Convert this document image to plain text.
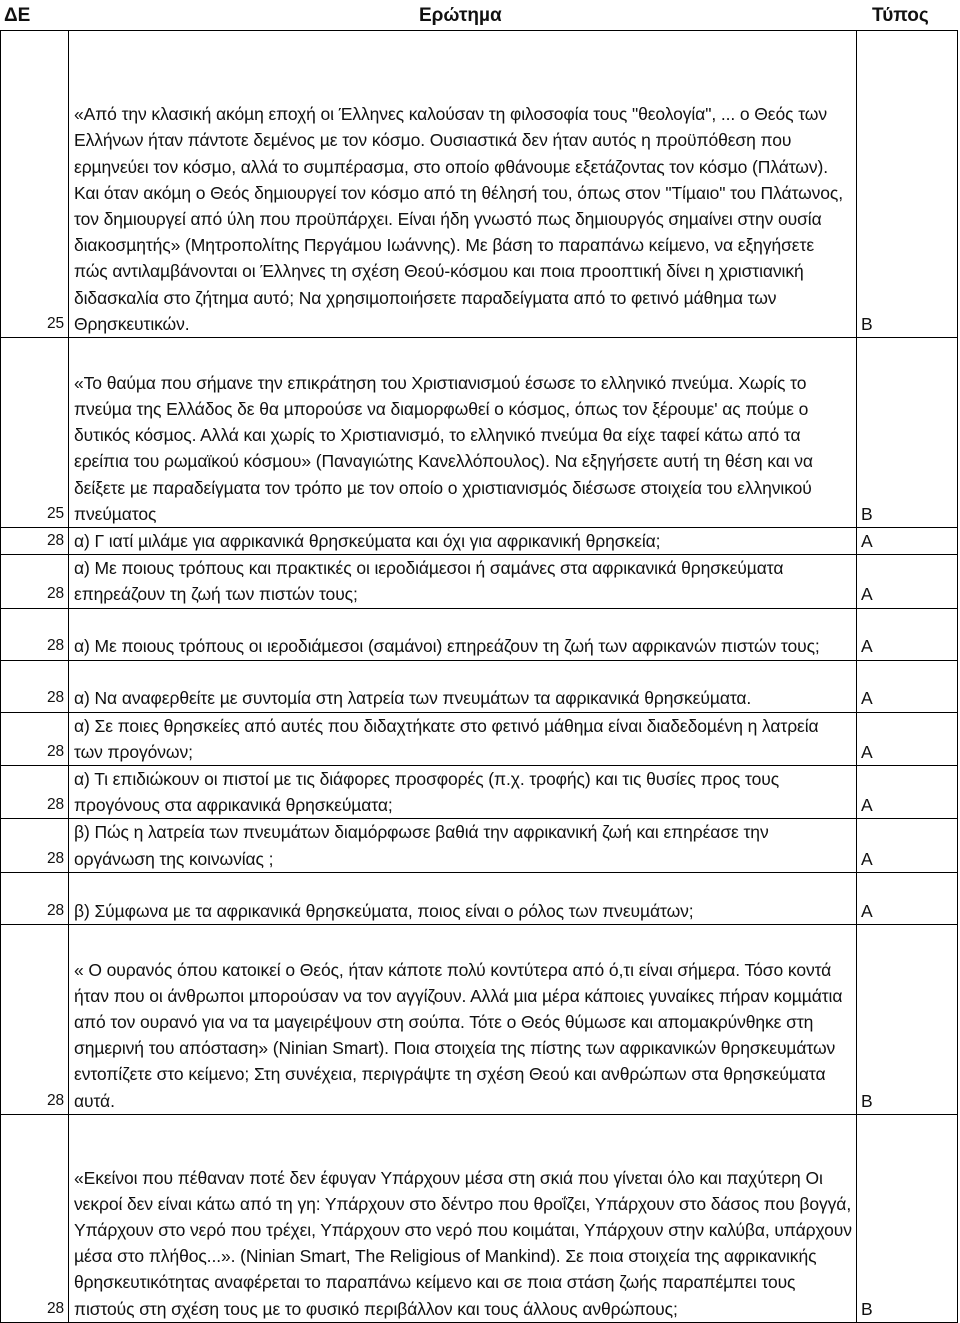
ΔΕ	Ερώτηµα	Τύπος
25	«Από την κλασική ακόµη εποχή οι Έλληνες καλούσαν τη φιλοσοφία τους "θεολογία", ... ο Θεός των Ελλήνων ήταν πάντοτε δεµένος µε τον κόσµο. Ουσιαστικά δεν ήταν αυτός η προϋπόθεση που ερµηνεύει τον κόσµο, αλλά το συµπέρασµα, στο οποίο φθάνουµε εξετάζοντας τον κόσµο (Πλάτων). Και όταν ακόµη ο Θεός δηµιουργεί τον κόσµο από τη θέλησή του, όπως στον "Τίµαιο" του Πλάτωνος, τον δηµιουργεί από ύλη που προϋπάρχει. Είναι ήδη γνωστό πως δηµιουργός σηµαίνει στην ουσία διακοσµητής» (Μητροπολίτης Περγάµου Ιωάννης). Με βάση το παραπάνω κείµενο, να εξηγήσετε πώς αντιλαµβάνονται οι Έλληνες τη σχέση Θεού-κόσµου και ποια προοπτική δίνει η χριστιανική διδασκαλία στο ζήτηµα αυτό; Να χρησιµοποιήσετε παραδείγµατα από το φετινό µάθηµα των Θρησκευτικών.	Β
25	«Το θαύµα που σήµανε την επικράτηση του Χριστιανισµού έσωσε το ελληνικό πνεύµα. Χωρίς το πνεύµα της Ελλάδος δε θα µπορούσε να διαµορφωθεί ο κόσµος, όπως τον ξέρουµε' ας πούµε ο δυτικός κόσµος. Αλλά και χωρίς το Χριστιανισµό, το ελληνικό πνεύµα θα είχε ταφεί κάτω από τα ερείπια του ρωµαϊκού κόσµου» (Παναγιώτης Κανελλόπουλος). Να εξηγήσετε αυτή τη θέση και να δείξετε µε παραδείγµατα τον τρόπο µε τον οποίο ο χριστιανισµός διέσωσε στοιχεία του ελληνικού πνεύµατος	Β
28	α) Γ ιατί µιλάµε για αφρικανικά θρησκεύµατα και όχι για αφρικανική θρησκεία;	Α
28	α) Με ποιους τρόπους και πρακτικές οι ιεροδιάµεσοι ή σαµάνες στα αφρικανικά θρησκεύµατα επηρεάζουν τη ζωή των πιστών τους;	Α
28	α) Με ποιους τρόπους οι ιεροδιάµεσοι (σαµάνοι) επηρεάζουν τη ζωή των αφρικανών πιστών τους;	Α
28	α) Να αναφερθείτε µε συντοµία στη λατρεία των πνευµάτων τα αφρικανικά θρησκεύµατα.	Α
28	α) Σε ποιες θρησκείες από αυτές που διδαχτήκατε στο φετινό µάθηµα είναι διαδεδοµένη η λατρεία των προγόνων;	Α
28	α) Τι επιδιώκουν οι πιστοί µε τις διάφορες προσφορές (π.χ. τροφής) και τις θυσίες προς τους προγόνους στα αφρικανικά θρησκεύµατα;	Α
28	β) Πώς η λατρεία των πνευµάτων διαµόρφωσε βαθιά την αφρικανική ζωή και επηρέασε την οργάνωση της κοινωνίας ;	Α
28	β) Σύµφωνα µε τα αφρικανικά θρησκεύµατα, ποιος είναι ο ρόλος των πνευµάτων;	Α
28	« Ο ουρανός όπου κατοικεί ο Θεός, ήταν κάποτε πολύ κοντύτερα από ό,τι είναι σήµερα. Τόσο κοντά ήταν που οι άνθρωποι µπορούσαν να τον αγγίζουν. Αλλά µια µέρα κάποιες γυναίκες πήραν κοµµάτια από τον ουρανό για να τα µαγειρέψουν στη σούπα. Τότε ο Θεός θύµωσε και αποµακρύνθηκε στη σηµερινή του απόσταση» (Ninian Smart). Ποια στοιχεία της πίστης των αφρικανικών θρησκευµάτων εντοπίζετε στο κείµενο; Στη συνέχεια, περιγράψτε τη σχέση Θεού και ανθρώπων στα θρησκεύµατα αυτά.	Β
28	«Εκείνοι που πέθαναν ποτέ δεν έφυγαν Υπάρχουν µέσα στη σκιά που γίνεται όλο και παχύτερη Οι νεκροί δεν είναι κάτω από τη γη: Υπάρχουν στο δέντρο που θροΐζει, Υπάρχουν στο δάσος που βογγά, Υπάρχουν στο νερό που τρέχει, Υπάρχουν στο νερό που κοιµάται, Υπάρχουν στην καλύβα, υπάρχουν µέσα στο πλήθος...». (Ninian Smart, The Religious of Mankind). Σε ποια στοιχεία της αφρικανικής θρησκευτικότητας αναφέρεται το παραπάνω κείµενο και σε ποια στάση ζωής παραπέµπει τους πιστούς στη σχέση τους µε το φυσικό περιβάλλον και τους άλλους ανθρώπους;	Β
